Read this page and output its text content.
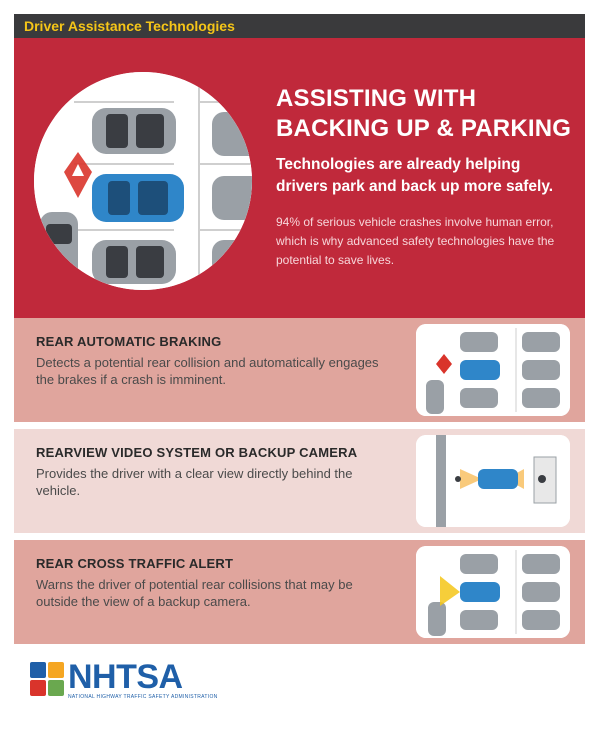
Driver Assistance Technologies
ASSISTING WITH
BACKING UP & PARKING
Technologies are already helping drivers park and back up more safely.
94% of serious vehicle crashes involve human error, which is why advanced safety technologies have the potential to save lives.
REAR AUTOMATIC BRAKING
Detects a potential rear collision and automatically engages the brakes if a crash is imminent.
REARVIEW VIDEO SYSTEM OR BACKUP CAMERA
Provides the driver with a clear view directly behind the vehicle.
REAR CROSS TRAFFIC ALERT
Warns the driver of potential rear collisions that may be outside the view of a backup camera.
NHTSA
NATIONAL HIGHWAY TRAFFIC SAFETY ADMINISTRATION
